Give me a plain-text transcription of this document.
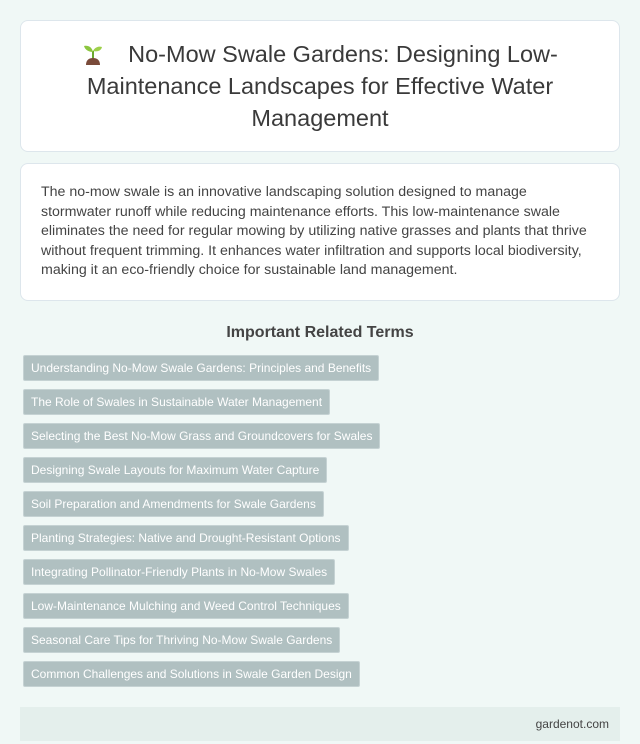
No-Mow Swale Gardens: Designing Low-Maintenance Landscapes for Effective Water Management

The no-mow swale is an innovative landscaping solution designed to manage stormwater runoff while reducing maintenance efforts. This low-maintenance swale eliminates the need for regular mowing by utilizing native grasses and plants that thrive without frequent trimming. It enhances water infiltration and supports local biodiversity, making it an eco-friendly choice for sustainable land management.

Important Related Terms
Understanding No-Mow Swale Gardens: Principles and Benefits
The Role of Swales in Sustainable Water Management
Selecting the Best No-Mow Grass and Groundcovers for Swales
Designing Swale Layouts for Maximum Water Capture
Soil Preparation and Amendments for Swale Gardens
Planting Strategies: Native and Drought-Resistant Options
Integrating Pollinator-Friendly Plants in No-Mow Swales
Low-Maintenance Mulching and Weed Control Techniques
Seasonal Care Tips for Thriving No-Mow Swale Gardens
Common Challenges and Solutions in Swale Garden Design
gardenot.com
